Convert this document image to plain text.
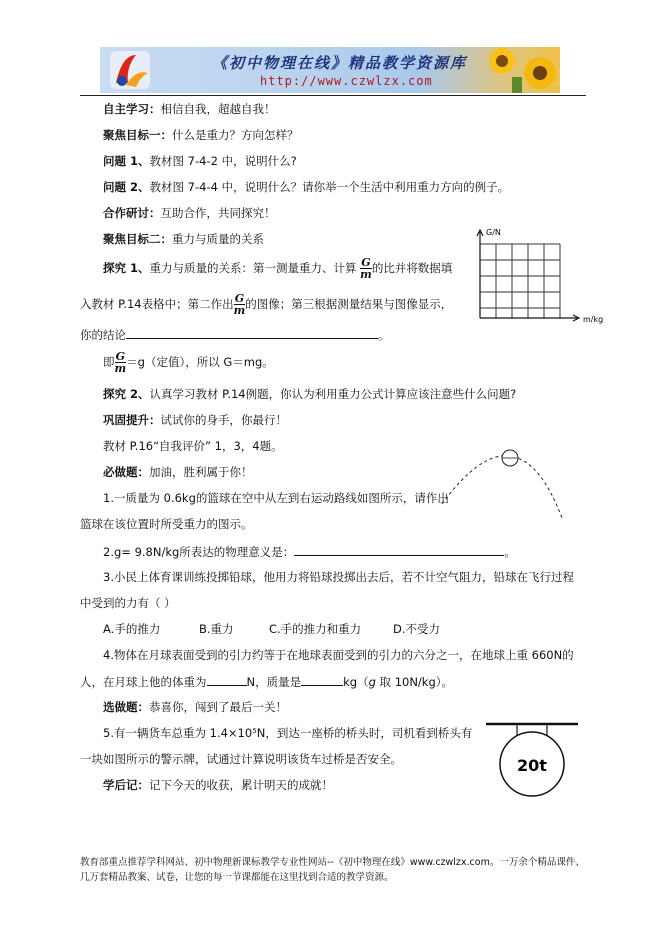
《初中物理在线》精品教学资源库
http://www.czwlzx.com
自主学习：相信自我，超越自我！
聚焦目标一：什么是重力？方向怎样？
问题 1、教材图 7-4-2 中，说明什么?
问题 2、教材图 7-4-4 中，说明什么？请你举一个生活中利用重力方向的例子。
合作研讨：互助合作，共同探究！
聚焦目标二：重力与质量的关系
探究 1、重力与质量的关系：第一测量重力、计算 $\frac{G}{m}$ 的比并将数据填
入教材 P.14表格中；第二作出 $\frac{G}{m}$ 的图像；第三根据测量结果与图像显示，
你的结论	。
即 $\frac{G}{m} =g$（定值），所以 G＝mg。
探究 2、认真学习教材 P.14例题，你认为利用重力公式计算应该注意些什么问题?
巩固提升：试试你的身手，你最行！
教材 P.16“自我评价” 1，3，4题。
必做题：加油，胜利属于你！
1.一质量为 0.6kg的篮球在空中从左到右运动路线如图所示，请作出
篮球在该位置时所受重力的图示。
2.g= 9.8N/kg所表达的物理意义是：	。
3.小民上体育课训练投掷铅球，他用力将铅球投掷出去后，若不计空气阻力，铅球在飞行过程
中受到的力有（ ）
A.手的推力	B.重力	C.手的推力和重力	D.不受力
4.物体在月球表面受到的引力约等于在地球表面受到的引力的六分之一，在地球上重 660N的
人，在月球上他的体重为	N，质量是	kg（g 取 10N/kg）。
选做题：恭喜你，闯到了最后一关！
5.有一辆货车总重为 1.4×10⁵N，到达一座桥的桥头时，司机看到桥头有
一块如图所示的警示牌，试通过计算说明该货车过桥是否安全。
学后记：记下今天的收获，累计明天的成就！
G/N
m/kg
20t
教育部重点推荐学科网站、初中物理新课标教学专业性网站--《初中物理在线》www.czwlzx.com。一万余个精品课件、几万套精品教案、试卷，让您的每一节课都能在这里找到合适的教学资源。
